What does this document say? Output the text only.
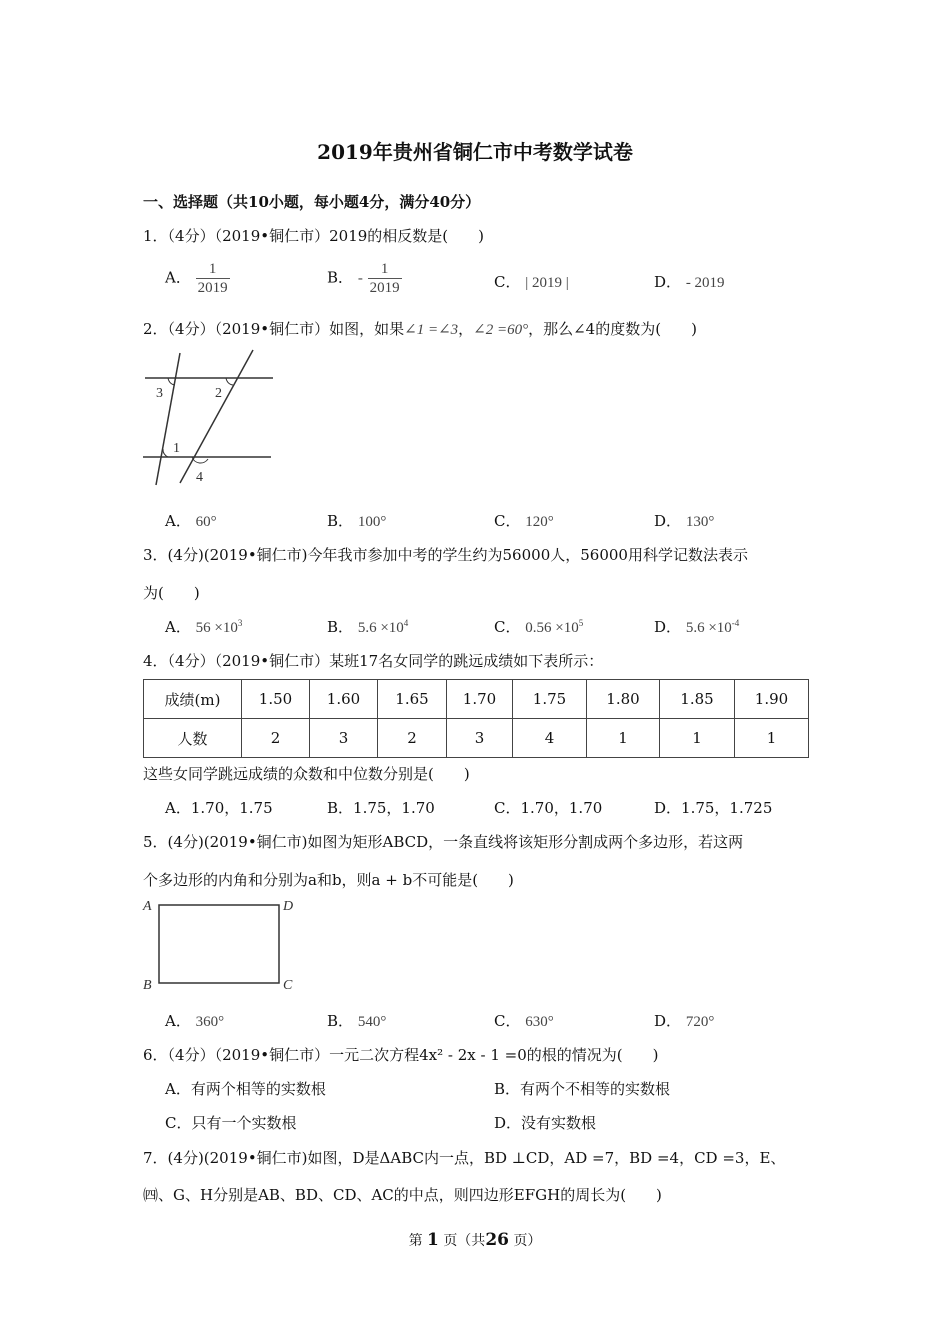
2019年贵州省铜仁市中考数学试卷
一、选择题（共10小题，每小题4分，满分40分）
1．（4分）（2019•铜仁市）2019的相反数是(　　)
A． $\frac{1}{2019}$	B． - $\frac{1}{2019}$	C． | 2019 |	D． - 2019
2．（4分）（2019•铜仁市）如图，如果∠1 =∠3，∠2 =60°，那么∠4的度数为(　　)
3	2
1
4
A． 60°	B． 100°	C． 120°	D． 130°
3．(4分)(2019•铜仁市)今年我市参加中考的学生约为56000人，56000用科学记数法表示
为(　　)
A． $56 \times 10^3$	B． $5.6 \times 10^4$	C． $0.56 \times 10^5$	D． $5.6 \times 10^{-4}$
4．（4分）（2019•铜仁市）某班17名女同学的跳远成绩如下表所示：
成绩(m)	1.50	1.60	1.65	1.70	1.75	1.80	1.85	1.90
人数	2	3	2	3	4	1	1	1
这些女同学跳远成绩的众数和中位数分别是(　　)
A．1.70，1.75	B．1.75，1.70	C．1.70，1.70	D．1.75，1.725
5．(4分)(2019•铜仁市)如图为矩形ABCD，一条直线将该矩形分割成两个多边形，若这两
个多边形的内角和分别为a和b，则a + b不可能是(　　)
A	D
B	C
A． 360°	B． 540°	C． 630°	D． 720°
6．（4分）（2019•铜仁市）一元二次方程4x² - 2x - 1 =0的根的情况为(　　)
A．有两个相等的实数根	B．有两个不相等的实数根
C．只有一个实数根	D．没有实数根
7．(4分)(2019•铜仁市)如图，D是ΔABC内一点，BD ⊥CD，AD =7，BD =4，CD =3，E、
㈣、G、H分别是AB、BD、CD、AC的中点，则四边形EFGH的周长为(　　)
第 1 页（共26 页）
